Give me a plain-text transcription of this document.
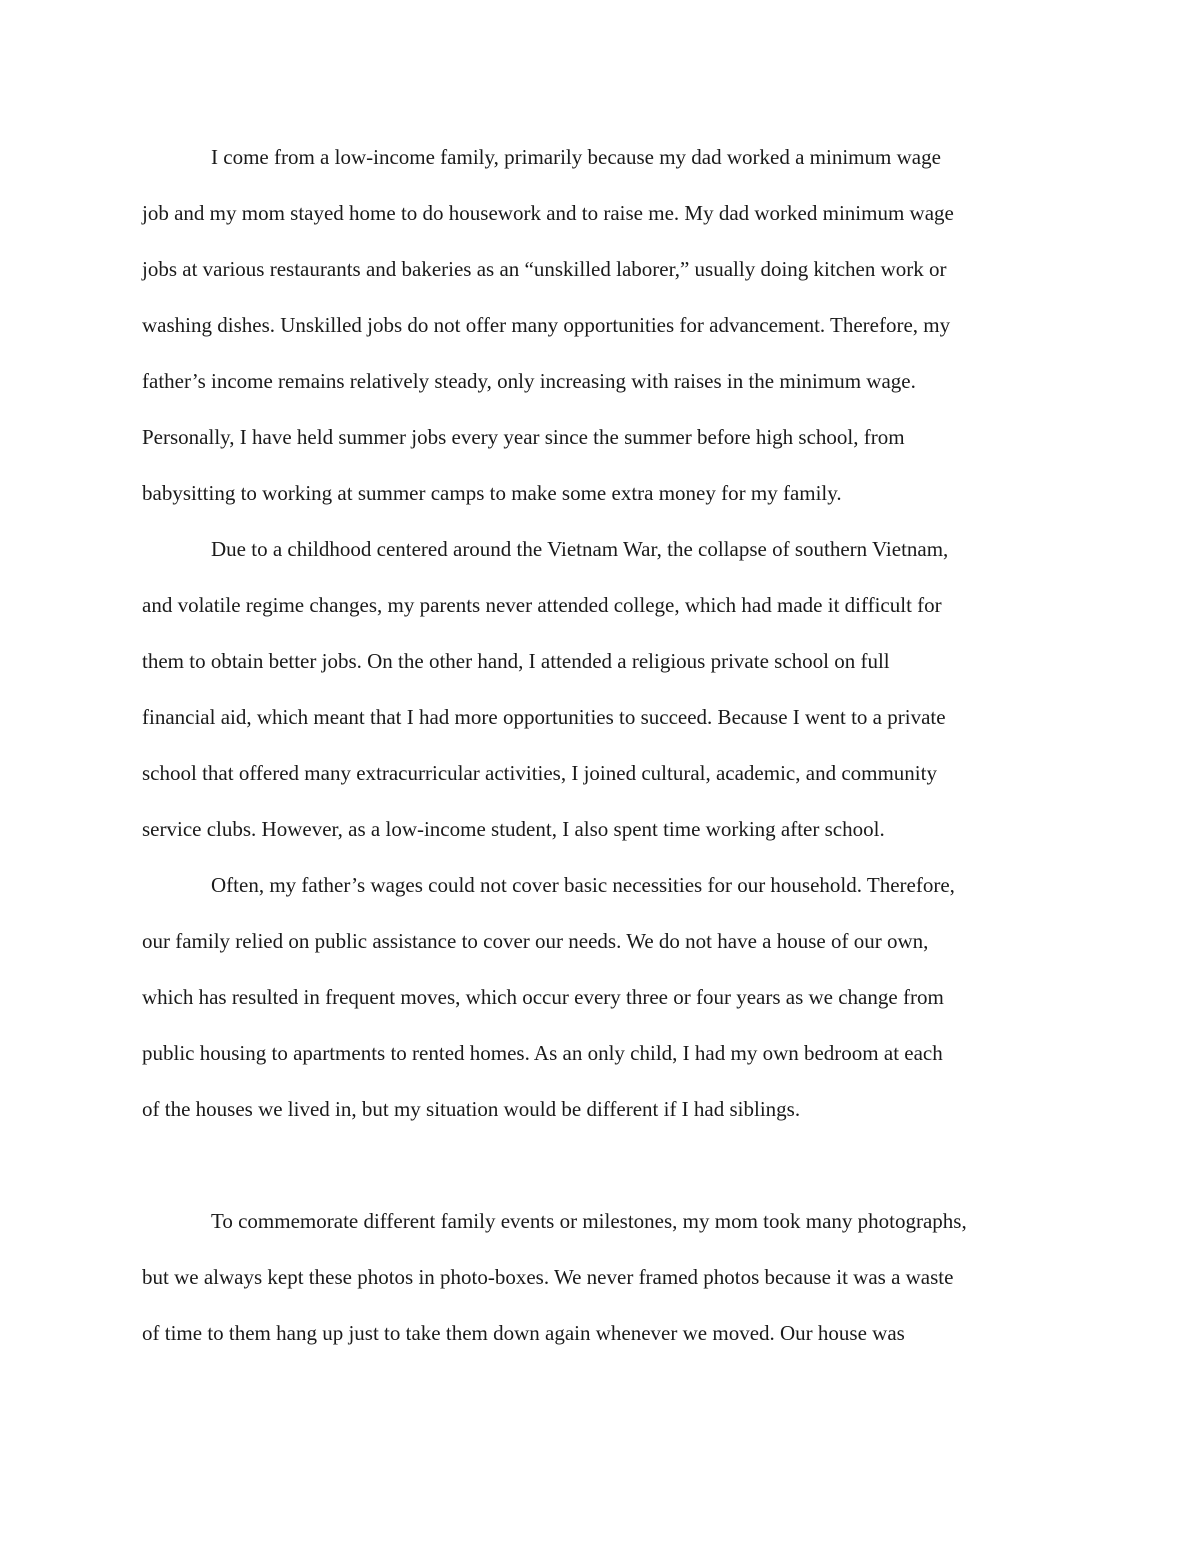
I come from a low-income family, primarily because my dad worked a minimum wage

job and my mom stayed home to do housework and to raise me. My dad worked minimum wage

jobs at various restaurants and bakeries as an “unskilled laborer,” usually doing kitchen work or

washing dishes. Unskilled jobs do not offer many opportunities for advancement. Therefore, my

father’s income remains relatively steady, only increasing with raises in the minimum wage.

Personally, I have held summer jobs every year since the summer before high school, from

babysitting to working at summer camps to make some extra money for my family.

Due to a childhood centered around the Vietnam War, the collapse of southern Vietnam,

and volatile regime changes, my parents never attended college, which had made it difficult for

them to obtain better jobs. On the other hand, I attended a religious private school on full

financial aid, which meant that I had more opportunities to succeed. Because I went to a private

school that offered many extracurricular activities, I joined cultural, academic, and community

service clubs. However, as a low-income student, I also spent time working after school.

Often, my father’s wages could not cover basic necessities for our household. Therefore,

our family relied on public assistance to cover our needs. We do not have a house of our own,

which has resulted in frequent moves, which occur every three or four years as we change from

public housing to apartments to rented homes. As an only child, I had my own bedroom at each

of the houses we lived in, but my situation would be different if I had siblings.

To commemorate different family events or milestones, my mom took many photographs,

but we always kept these photos in photo-boxes. We never framed photos because it was a waste

of time to them hang up just to take them down again whenever we moved. Our house was
